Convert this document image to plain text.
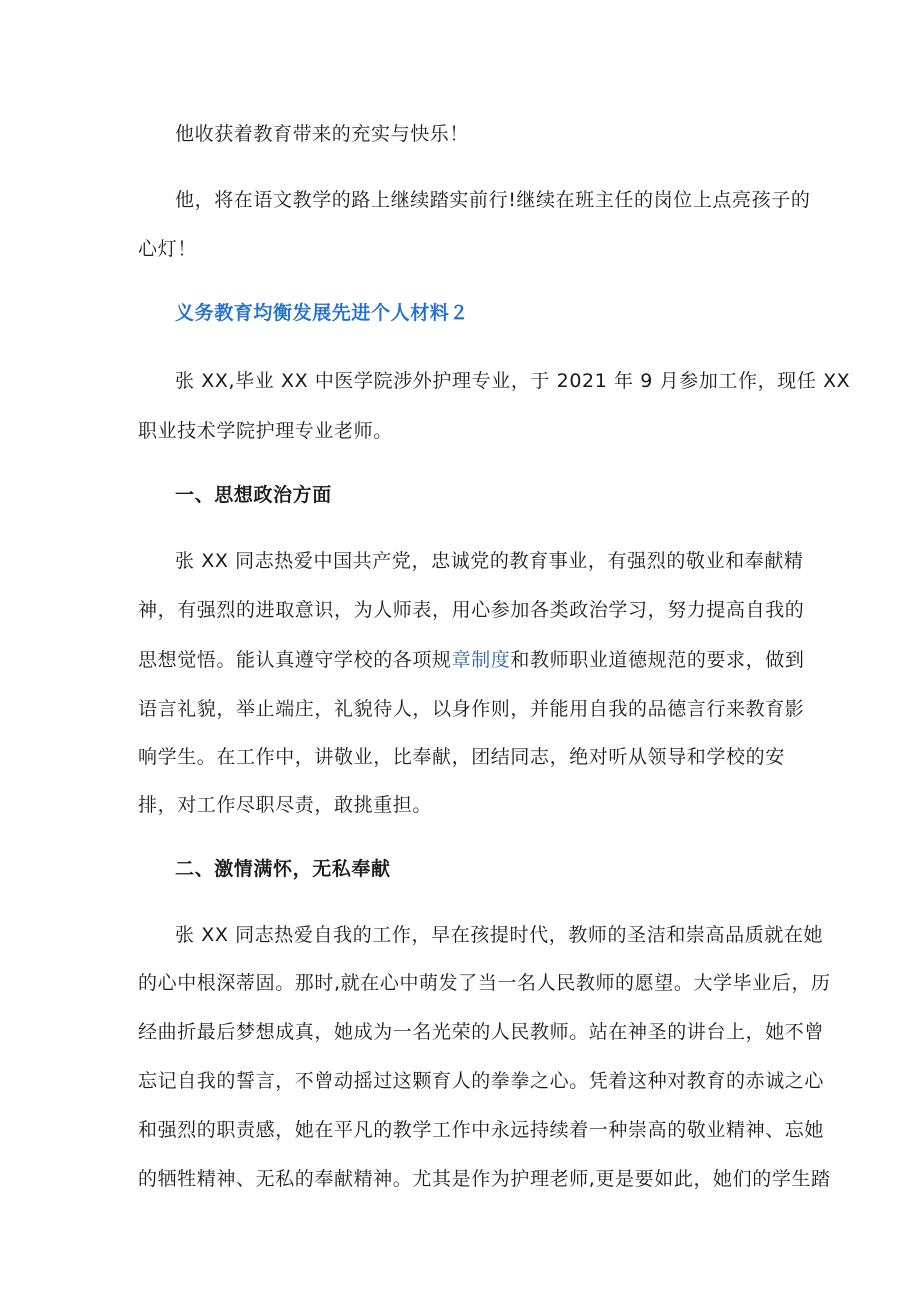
他收获着教育带来的充实与快乐！
他，将在语文教学的路上继续踏实前行!继续在班主任的岗位上点亮孩子的
心灯！
义务教育均衡发展先进个人材料２
张 XX,毕业 XX 中医学院涉外护理专业，于 2021 年 9 月参加工作，现任 XX
职业技术学院护理专业老师。
一、思想政治方面
张 XX 同志热爱中国共产党，忠诚党的教育事业，有强烈的敬业和奉献精
神，有强烈的进取意识，为人师表，用心参加各类政治学习，努力提高自我的
思想觉悟。能认真遵守学校的各项规章制度和教师职业道德规范的要求，做到
语言礼貌，举止端庄，礼貌待人，以身作则，并能用自我的品德言行来教育影
响学生。在工作中，讲敬业，比奉献，团结同志，绝对听从领导和学校的安
排，对工作尽职尽责，敢挑重担。
二、激情满怀，无私奉献
张 XX 同志热爱自我的工作，早在孩提时代，教师的圣洁和崇高品质就在她
的心中根深蒂固。那时,就在心中萌发了当一名人民教师的愿望。大学毕业后，历
经曲折最后梦想成真，她成为一名光荣的人民教师。站在神圣的讲台上，她不曾
忘记自我的誓言，不曾动摇过这颗育人的拳拳之心。凭着这种对教育的赤诚之心
和强烈的职责感，她在平凡的教学工作中永远持续着一种崇高的敬业精神、忘她
的牺牲精神、无私的奉献精神。尤其是作为护理老师,更是要如此，她们的学生踏
